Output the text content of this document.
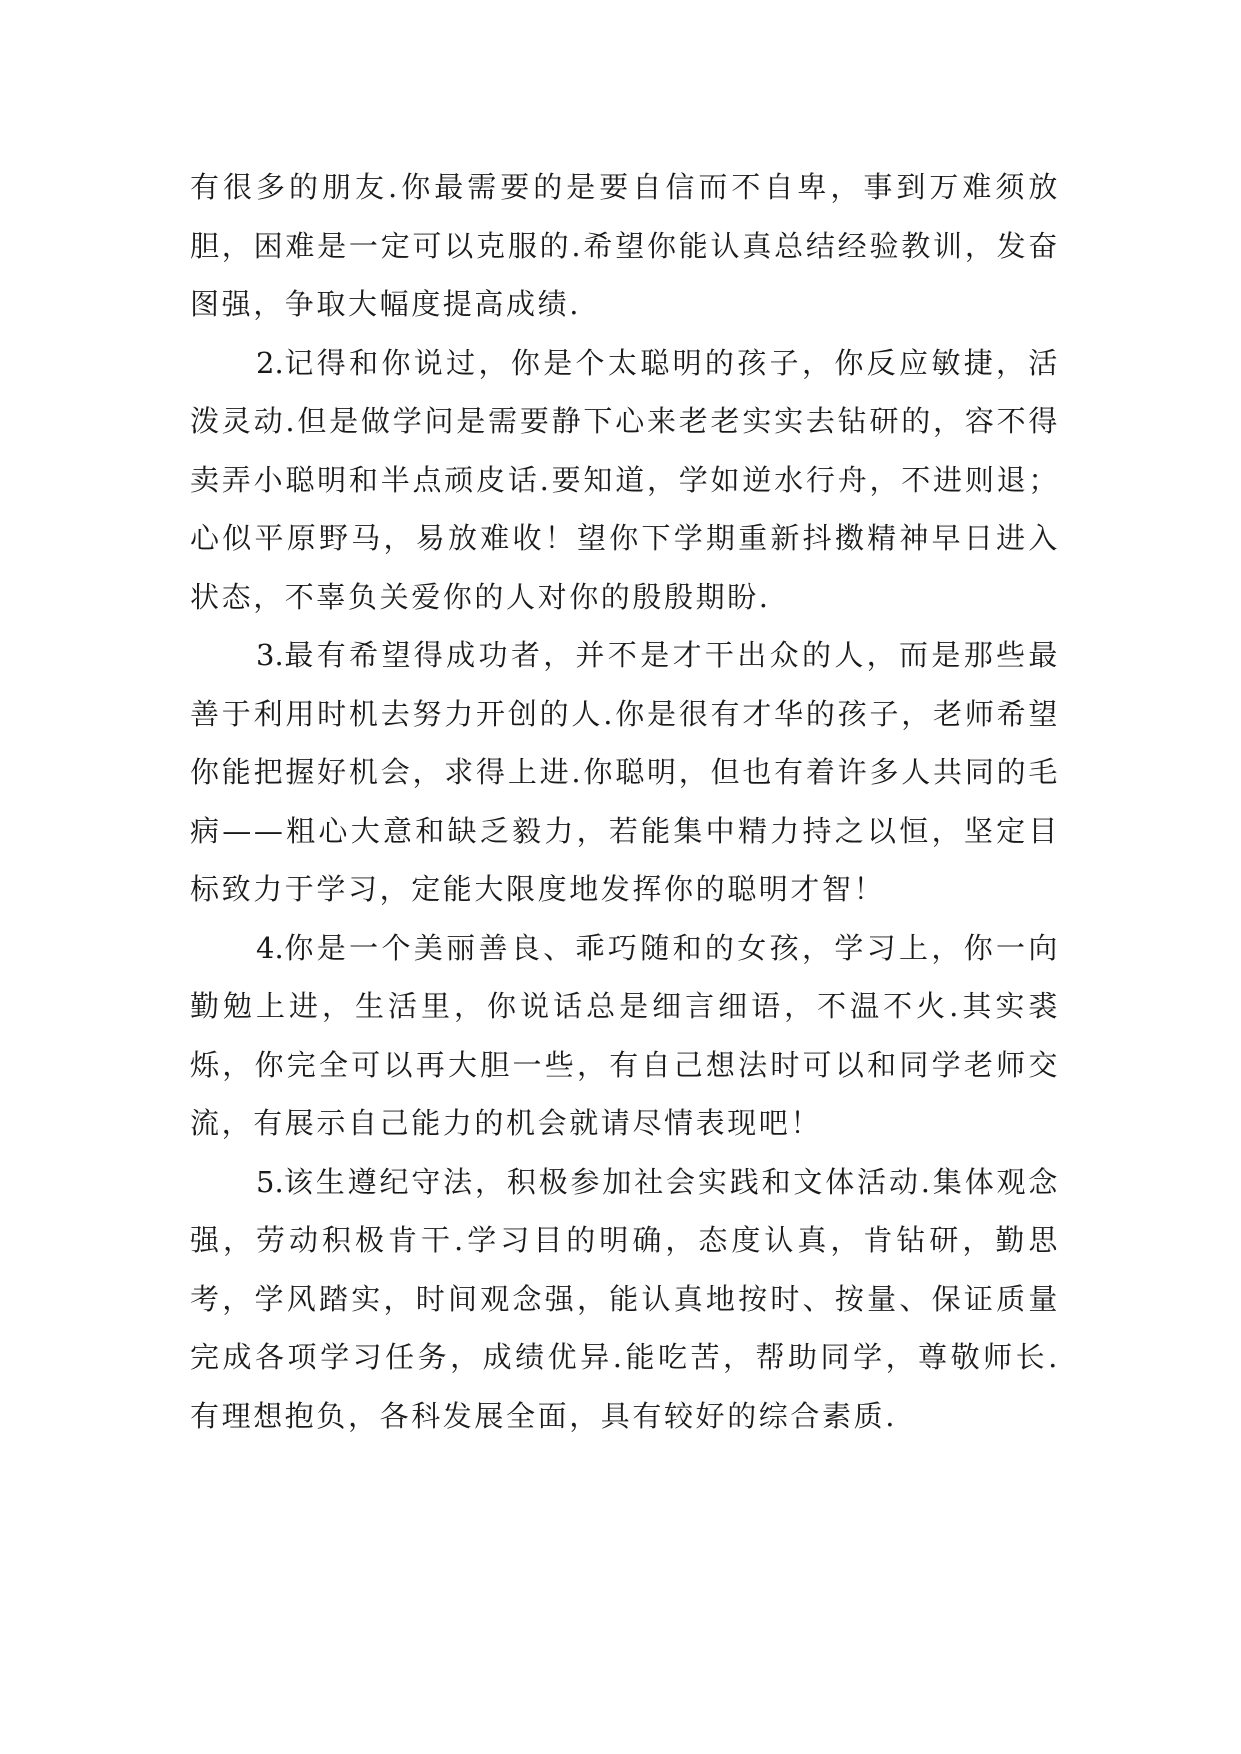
有很多的朋友.你最需要的是要自信而不自卑，事到万难须放胆，困难是一定可以克服的.希望你能认真总结经验教训，发奋图强，争取大幅度提高成绩.

2.记得和你说过，你是个太聪明的孩子，你反应敏捷，活泼灵动.但是做学问是需要静下心来老老实实去钻研的，容不得卖弄小聪明和半点顽皮话.要知道，学如逆水行舟，不进则退；心似平原野马，易放难收！望你下学期重新抖擞精神早日进入状态，不辜负关爱你的人对你的殷殷期盼.

3.最有希望得成功者，并不是才干出众的人，而是那些最善于利用时机去努力开创的人.你是很有才华的孩子，老师希望你能把握好机会，求得上进.你聪明，但也有着许多人共同的毛病——粗心大意和缺乏毅力，若能集中精力持之以恒，坚定目标致力于学习，定能大限度地发挥你的聪明才智！

4.你是一个美丽善良、乖巧随和的女孩，学习上，你一向勤勉上进，生活里，你说话总是细言细语，不温不火.其实裘烁，你完全可以再大胆一些，有自己想法时可以和同学老师交流，有展示自己能力的机会就请尽情表现吧！

5.该生遵纪守法，积极参加社会实践和文体活动.集体观念强，劳动积极肯干.学习目的明确，态度认真，肯钻研，勤思考，学风踏实，时间观念强，能认真地按时、按量、保证质量完成各项学习任务，成绩优异.能吃苦，帮助同学，尊敬师长.有理想抱负，各科发展全面，具有较好的综合素质.
